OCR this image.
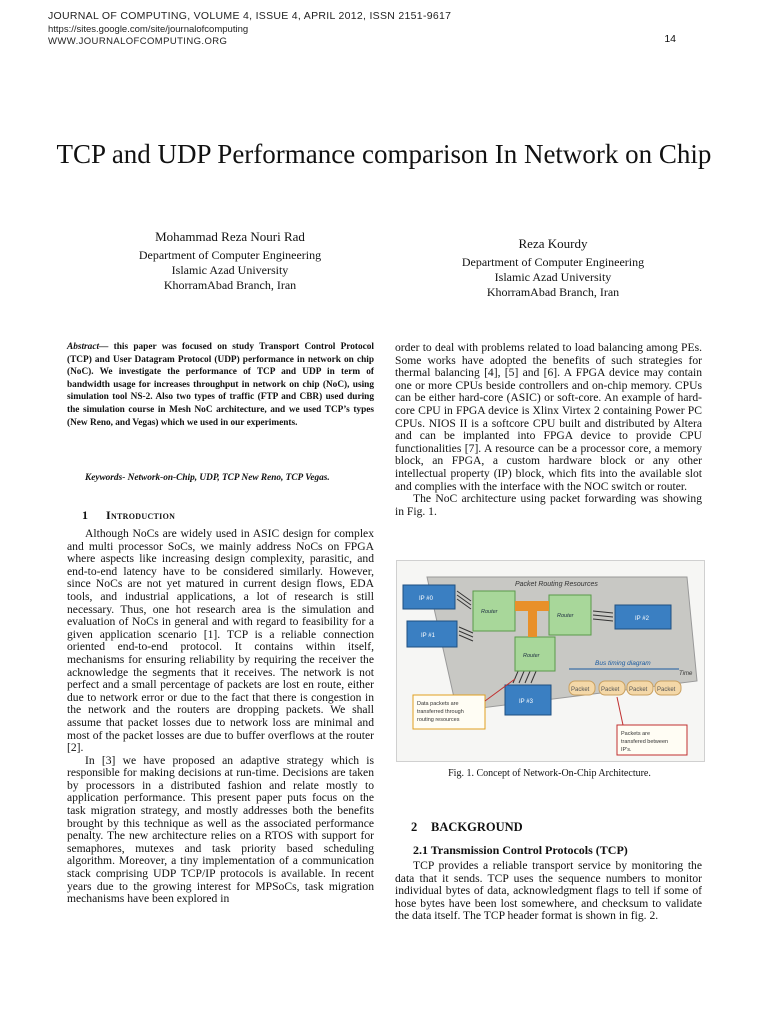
JOURNAL OF COMPUTING, VOLUME 4, ISSUE 4, APRIL 2012, ISSN 2151-9617
https://sites.google.com/site/journalofcomputing
WWW.JOURNALOFCOMPUTING.ORG	14
TCP and UDP Performance comparison In Network on Chip
Mohammad Reza Nouri Rad
Department of Computer Engineering
Islamic Azad University
KhorramAbad Branch, Iran
Reza Kourdy
Department of Computer Engineering
Islamic Azad University
KhorramAbad Branch, Iran

Abstract— this paper was focused on study Transport Control Protocol (TCP) and User Datagram Protocol (UDP) performance in network on chip (NoC). We investigate the performance of TCP and UDP in term of bandwidth usage for increases throughput in network on chip (NoC), using simulation tool NS-2. Also two types of traffic (FTP and CBR) used during the simulation course in Mesh NoC architecture, and we used TCP’s types (New Reno, and Vegas) which we used in our experiments.

Keywords- Network-on-Chip, UDP, TCP New Reno, TCP Vegas.

1 Introduction

Although NoCs are widely used in ASIC design for complex and multi processor SoCs, we mainly address NoCs on FPGA where aspects like increasing design complexity, parasitic, and end-to-end latency have to be considered similarly. However, since NoCs are not yet matured in current design flows, EDA tools, and industrial applications, a lot of research is still necessary. Thus, one hot research area is the simulation and evaluation of NoCs in general and with regard to feasibility for a given application scenario [1]. TCP is a reliable connection oriented end-to-end protocol. It contains within itself, mechanisms for ensuring reliability by requiring the receiver the acknowledge the segments that it receives. The network is not perfect and a small percentage of packets are lost en route, either due to network error or due to the fact that there is congestion in the network and the routers are dropping packets. We shall assume that packet losses due to network loss are minimal and most of the packet losses are due to buffer overflows at the router [2].

In [3] we have proposed an adaptive strategy which is responsible for making decisions at run-time. Decisions are taken by processors in a distributed fashion and relate mostly to application performance. This present paper puts focus on the task migration strategy, and mostly addresses both the benefits brought by this technique as well as the associated performance penalty. The new architecture relies on a RTOS with support for semaphores, mutexes and task priority based scheduling algorithm. Moreover, a tiny implementation of a communication stack comprising UDP TCP/IP protocols is available. In recent years due to the growing interest for MPSoCs, task migration mechanisms have been explored in

order to deal with problems related to load balancing among PEs. Some works have adopted the benefits of such strategies for thermal balancing [4], [5] and [6]. A FPGA device may contain one or more CPUs beside controllers and on-chip memory. CPUs can be either hard-core (ASIC) or soft-core. An example of hard-core CPU in FPGA device is Xlinx Virtex 2 containing Power PC CPUs. NIOS II is a softcore CPU built and distributed by Altera and can be implanted into FPGA device to provide CPU functionalities [7]. A resource can be a processor core, a memory block, an FPGA, a custom hardware block or any other intellectual property (IP) block, which fits into the available slot and complies with the interface with the NOC switch or router.

The NoC architecture using packet forwarding was showing in Fig. 1.

Packet Routing Resources
IP #0
IP #1
IP #2
IP #3
Router
Router
Router
Bus timing diagram
Time
Packet Packet Packet Packet
Data packets are
transferred through
routing resources
Packets are
transfered between
IP's.
Fig. 1. Concept of Network-On-Chip Architecture.
2 BACKGROUND
2.1 Transmission Control Protocols (TCP)

TCP provides a reliable transport service by monitoring the data that it sends. TCP uses the sequence numbers to monitor individual bytes of data, acknowledgment flags to tell if some of hose bytes have been lost somewhere, and checksum to validate the data itself. The TCP header format is shown in fig. 2.
